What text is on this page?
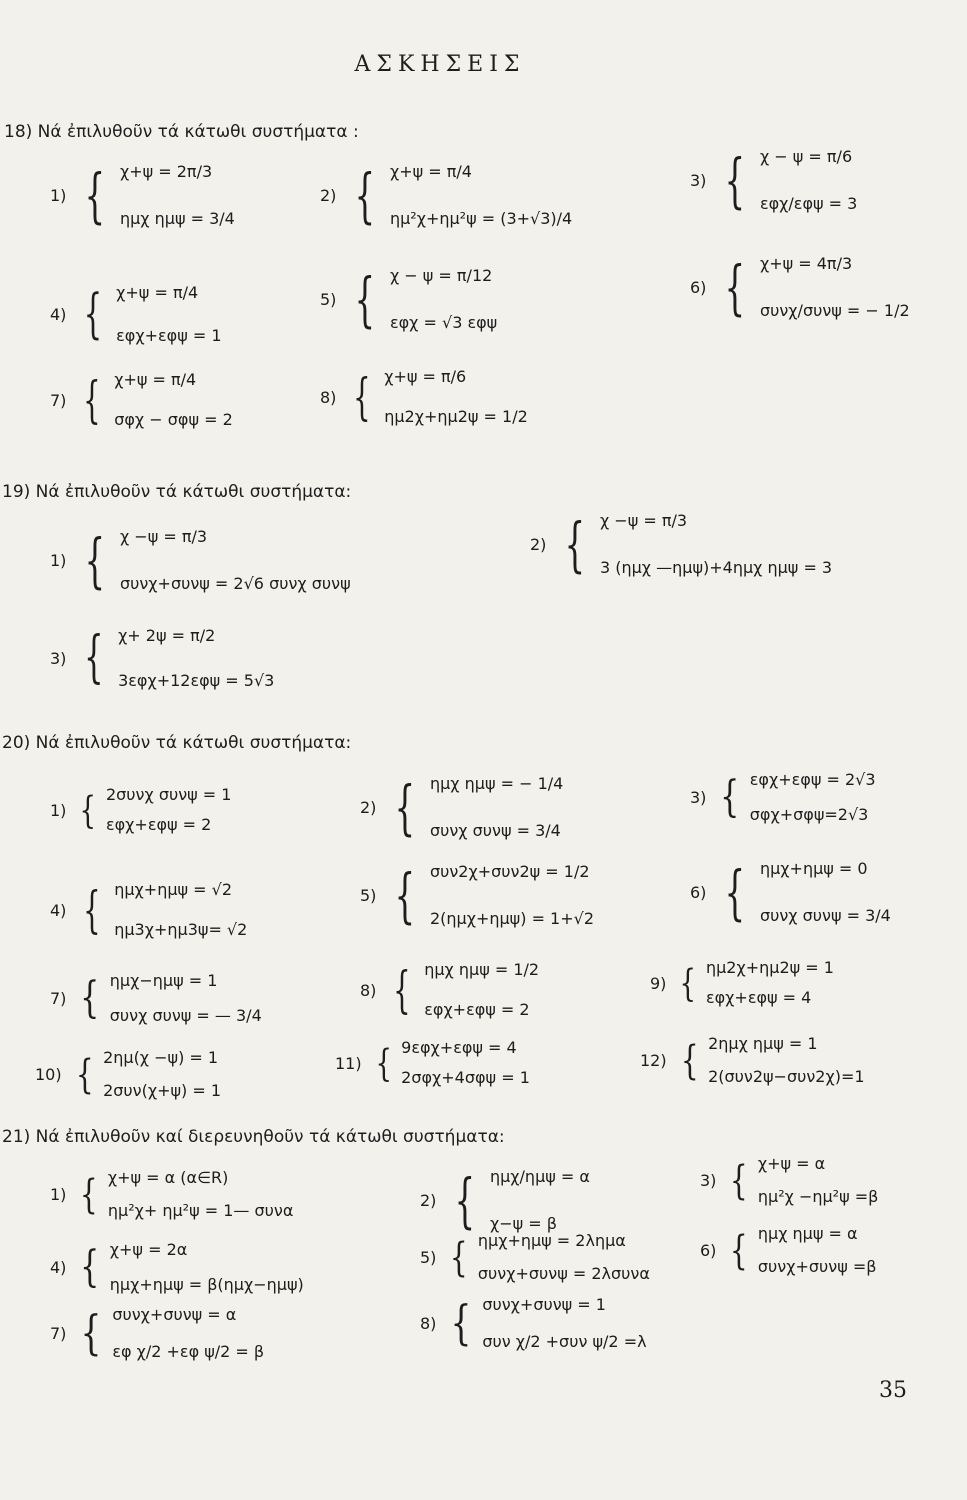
ΑΣΚΗΣΕΙΣ
18) Νά ἐπιλυθοῦν τά κάτωθι συστήματα :
1) { χ+ψ = 2π/3
ημχ ημψ = 3/4
2) { χ+ψ = π/4
ημ²χ+ημ²ψ = (3+√3)/4
3) { χ − ψ = π/6
εφχ/εφψ = 3
4) { χ+ψ = π/4
εφχ+εφψ = 1
5) { χ − ψ = π/12
εφχ = √3 εφψ
6) { χ+ψ = 4π/3
συνχ/συνψ = − 1/2
7) { χ+ψ = π/4
σφχ − σφψ = 2
8) { χ+ψ = π/6
ημ2χ+ημ2ψ = 1/2
19) Νά ἐπιλυθοῦν τά κάτωθι συστήματα:
1) { χ −ψ = π/3
συνχ+συνψ = 2√6 συνχ συνψ
2) { χ −ψ = π/3
3 (ημχ —ημψ)+4ημχ ημψ = 3
3) { χ+ 2ψ = π/2
3εφχ+12εφψ = 5√3
20) Νά ἐπιλυθοῦν τά κάτωθι συστήματα:
1) { 2συνχ συνψ = 1
εφχ+εφψ = 2
2) { ημχ ημψ = − 1/4
συνχ συνψ = 3/4
3) { εφχ+εφψ = 2√3
σφχ+σφψ=2√3
4) { ημχ+ημψ = √2
ημ3χ+ημ3ψ= √2
5) { συν2χ+συν2ψ = 1/2
2(ημχ+ημψ) = 1+√2
6) { ημχ+ημψ = 0
συνχ συνψ = 3/4
7) { ημχ−ημψ = 1
συνχ συνψ = — 3/4
8) { ημχ ημψ = 1/2
εφχ+εφψ = 2
9) { ημ2χ+ημ2ψ = 1
εφχ+εφψ = 4
10) { 2ημ(χ −ψ) = 1
2συν(χ+ψ) = 1
11) { 9εφχ+εφψ = 4
2σφχ+4σφψ = 1
12) { 2ημχ ημψ = 1
2(συν2ψ−συν2χ)=1
21) Νά ἐπιλυθοῦν καί διερευνηθοῦν τά κάτωθι συστήματα:
1) { χ+ψ = α (α∈R)
ημ²χ+ ημ²ψ = 1— συνα
2) { ημχ/ημψ = α
χ−ψ = β
3) { χ+ψ = α
ημ²χ −ημ²ψ =β
4) { χ+ψ = 2α
ημχ+ημψ = β(ημχ−ημψ)
5) { ημχ+ημψ = 2λημα
συνχ+συνψ = 2λσυνα
6) { ημχ ημψ = α
συνχ+συνψ =β
7) { συνχ+συνψ = α
εφ χ/2 +εφ ψ/2 = β
8) { συνχ+συνψ = 1
συν χ/2 +συν ψ/2 =λ
35
